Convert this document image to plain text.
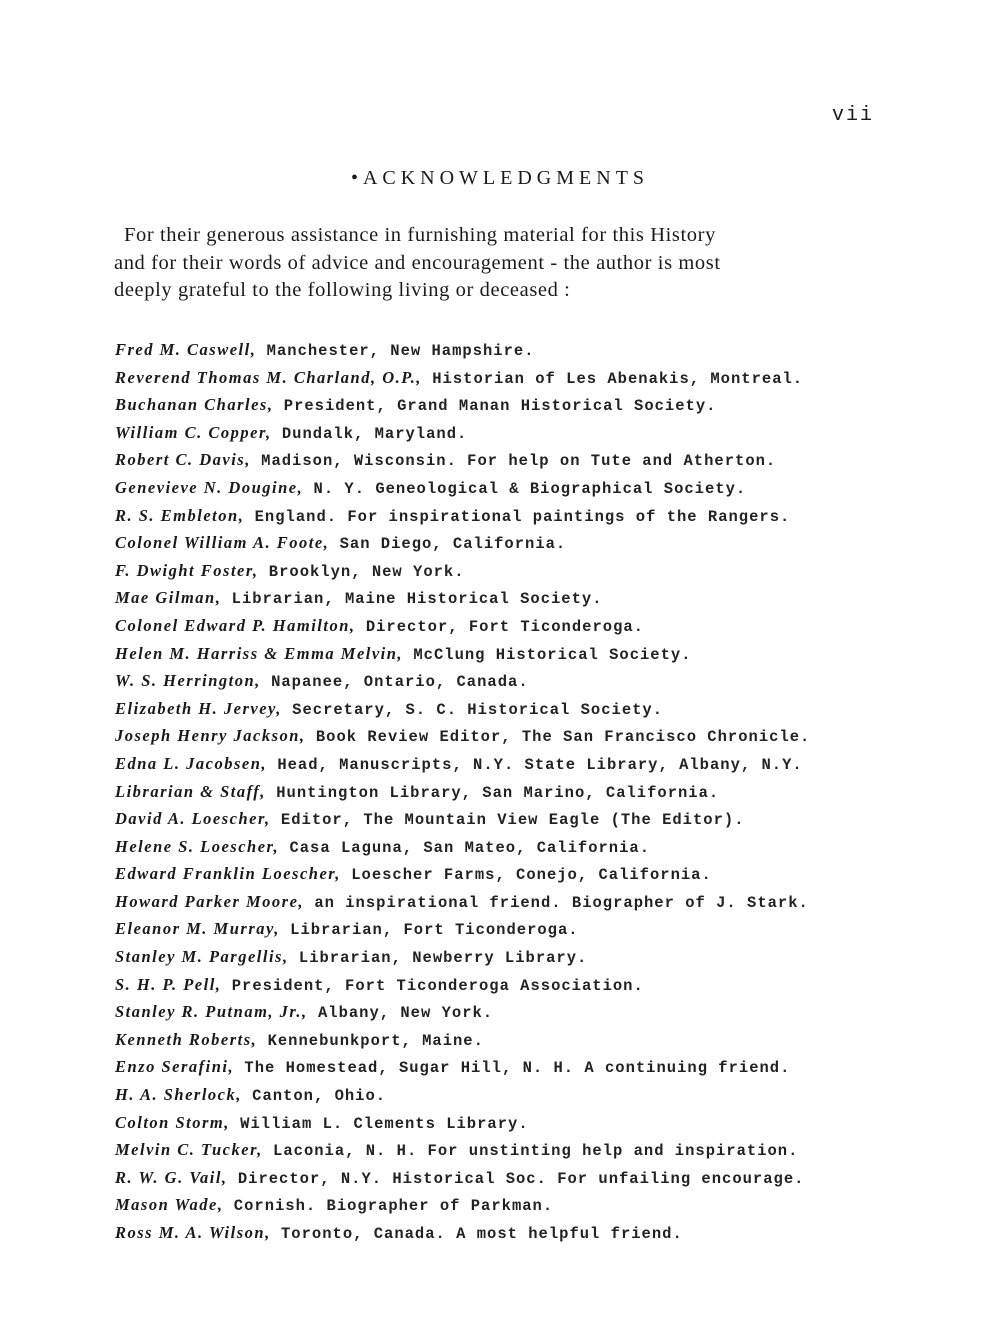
vii
•ACKNOWLEDGMENTS
For their generous assistance in furnishing material for this History
and for their words of advice and encouragement - the author is most
deeply grateful to the following living or deceased :
Fred M. Caswell, Manchester, New Hampshire.
Reverend Thomas M. Charland, O.P., Historian of Les Abenakis, Montreal.
Buchanan Charles, President, Grand Manan Historical Society.
William C. Copper, Dundalk, Maryland.
Robert C. Davis, Madison, Wisconsin. For help on Tute and Atherton.
Genevieve N. Dougine, N. Y. Geneological & Biographical Society.
R. S. Embleton, England. For inspirational paintings of the Rangers.
Colonel William A. Foote, San Diego, California.
F. Dwight Foster, Brooklyn, New York.
Mae Gilman, Librarian, Maine Historical Society.
Colonel Edward P. Hamilton, Director, Fort Ticonderoga.
Helen M. Harriss & Emma Melvin, McClung Historical Society.
W. S. Herrington, Napanee, Ontario, Canada.
Elizabeth H. Jervey, Secretary, S. C. Historical Society.
Joseph Henry Jackson, Book Review Editor, The San Francisco Chronicle.
Edna L. Jacobsen, Head, Manuscripts, N.Y. State Library, Albany, N.Y.
Librarian & Staff, Huntington Library, San Marino, California.
David A. Loescher, Editor, The Mountain View Eagle (The Editor).
Helene S. Loescher, Casa Laguna, San Mateo, California.
Edward Franklin Loescher, Loescher Farms, Conejo, California.
Howard Parker Moore, an inspirational friend. Biographer of J. Stark.
Eleanor M. Murray, Librarian, Fort Ticonderoga.
Stanley M. Pargellis, Librarian, Newberry Library.
S. H. P. Pell, President, Fort Ticonderoga Association.
Stanley R. Putnam, Jr., Albany, New York.
Kenneth Roberts, Kennebunkport, Maine.
Enzo Serafini, The Homestead, Sugar Hill, N. H. A continuing friend.
H. A. Sherlock, Canton, Ohio.
Colton Storm, William L. Clements Library.
Melvin C. Tucker, Laconia, N. H. For unstinting help and inspiration.
R. W. G. Vail, Director, N.Y. Historical Soc. For unfailing encourage.
Mason Wade, Cornish. Biographer of Parkman.
Ross M. A. Wilson, Toronto, Canada. A most helpful friend.
